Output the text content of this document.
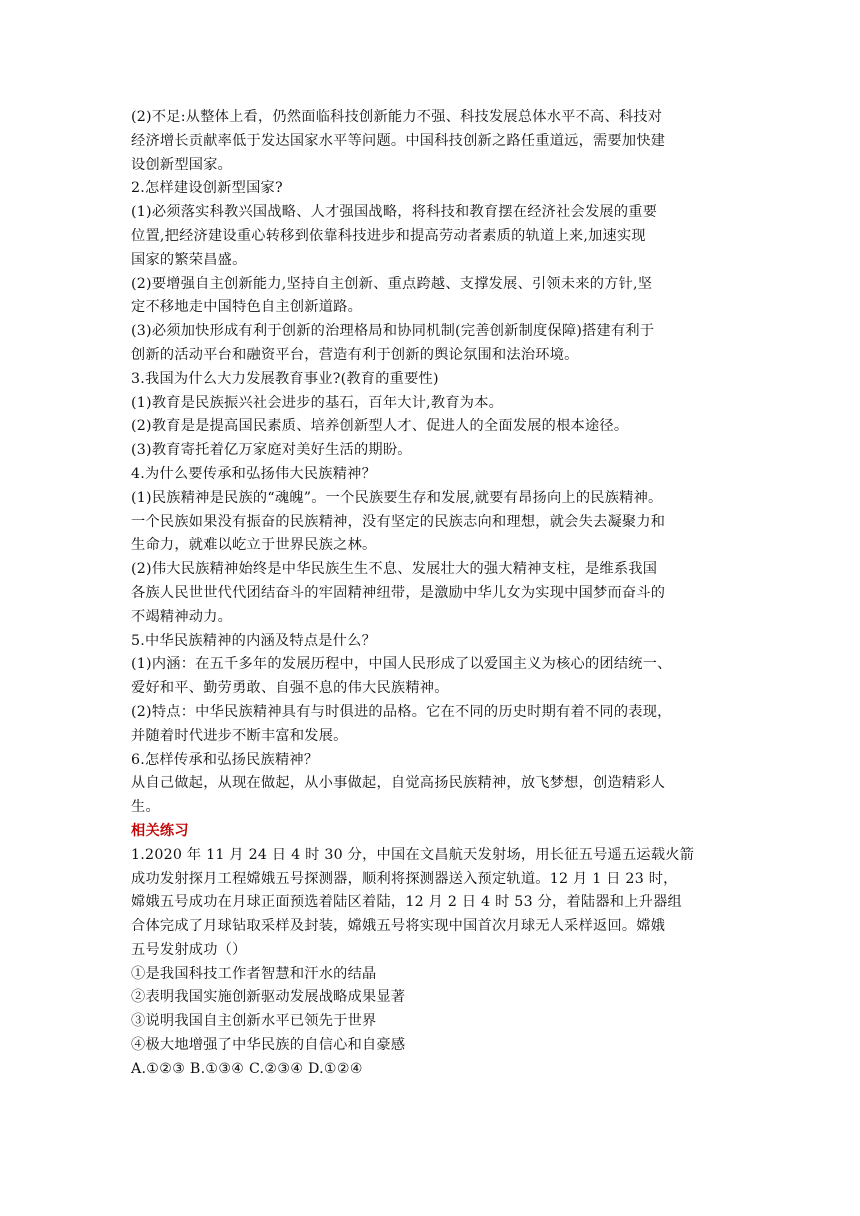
(2)不足:从整体上看，仍然面临科技创新能力不强、科技发展总体水平不高、科技对
经济增长贡献率低于发达国家水平等问题。中国科技创新之路任重道远，需要加快建
设创新型国家。
2.怎样建设创新型国家?
(1)必须落实科教兴国战略、人才强国战略，将科技和教育摆在经济社会发展的重要
位置,把经济建设重心转移到依靠科技进步和提高劳动者素质的轨道上来,加速实现
国家的繁荣昌盛。
(2)要增强自主创新能力,坚持自主创新、重点跨越、支撑发展、引领未来的方针,坚
定不移地走中国特色自主创新道路。
(3)必须加快形成有利于创新的治理格局和协同机制(完善创新制度保障)搭建有利于
创新的活动平台和融资平台，营造有利于创新的舆论氛围和法治环境。
3.我国为什么大力发展教育事业?(教育的重要性)
(1)教育是民族振兴社会进步的基石，百年大计,教育为本。
(2)教育是是提高国民素质、培养创新型人才、促进人的全面发展的根本途径。
(3)教育寄托着亿万家庭对美好生活的期盼。
4.为什么要传承和弘扬伟大民族精神？
(1)民族精神是民族的“魂魄”。一个民族要生存和发展,就要有昂扬向上的民族精神。
一个民族如果没有振奋的民族精神，没有坚定的民族志向和理想，就会失去凝聚力和
生命力，就难以屹立于世界民族之林。
(2)伟大民族精神始终是中华民族生生不息、发展壮大的强大精神支柱，是维系我国
各族人民世世代代团结奋斗的牢固精神纽带，是激励中华儿女为实现中国梦而奋斗的
不竭精神动力。
5.中华民族精神的内涵及特点是什么？
(1)内涵：在五千多年的发展历程中，中国人民形成了以爱国主义为核心的团结统一、
爱好和平、勤劳勇敢、自强不息的伟大民族精神。
(2)特点：中华民族精神具有与时俱进的品格。它在不同的历史时期有着不同的表现，
并随着时代进步不断丰富和发展。
6.怎样传承和弘扬民族精神？
从自己做起，从现在做起，从小事做起，自觉高扬民族精神，放飞梦想，创造精彩人
生。
相关练习
1.2020 年 11 月 24 日 4 时 30 分，中国在文昌航天发射场，用长征五号遥五运载火箭
成功发射探月工程嫦娥五号探测器，顺利将探测器送入预定轨道。12 月 1 日 23 时，
嫦娥五号成功在月球正面预选着陆区着陆，12 月 2 日 4 时 53 分，着陆器和上升器组
合体完成了月球钻取采样及封装，嫦娥五号将实现中国首次月球无人采样返回。嫦娥
五号发射成功（）
①是我国科技工作者智慧和汗水的结晶
②表明我国实施创新驱动发展战略成果显著
③说明我国自主创新水平已领先于世界
④极大地增强了中华民族的自信心和自豪感
A.①②③ B.①③④ C.②③④ D.①②④
